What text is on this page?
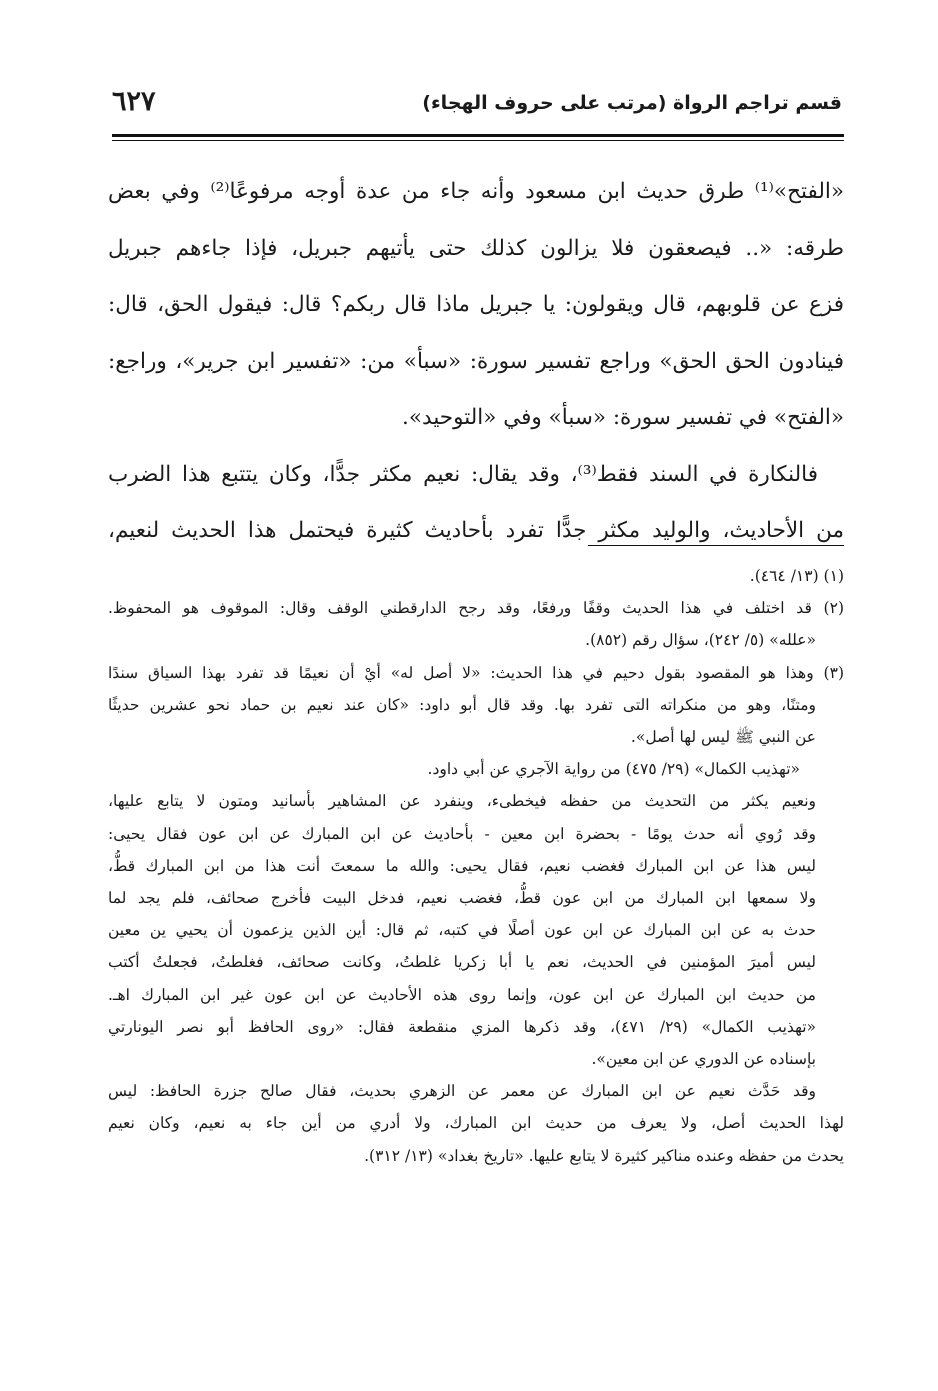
قسم تراجم الرواة (مرتب على حروف الهجاء)
٦٢٧

«الفتح»⁽¹⁾ طرق حديث ابن مسعود وأنه جاء من عدة أوجه مرفوعًا⁽²⁾ وفي بعض
طرقه: «.. فيصعقون فلا يزالون كذلك حتى يأتيهم جبريل، فإذا جاءهم جبريل
فزع عن قلوبهم، قال ويقولون: يا جبريل ماذا قال ربكم؟ قال: فيقول الحق، قال:
فينادون الحق الحق» وراجع تفسير سورة: «سبأ» من: «تفسير ابن جرير»، وراجع:
«الفتح» في تفسير سورة: «سبأ» وفي «التوحيد».

فالنكارة في السند فقط⁽³⁾، وقد يقال: نعيم مكثر جدًّا، وكان يتتبع هذا الضرب
من الأحاديث، والوليد مكثر جدًّا تفرد بأحاديث كثيرة فيحتمل هذا الحديث لنعيم،

(١) (١٣/ ٤٦٤).
(٢) قد اختلف في هذا الحديث وقفًا ورفعًا، وقد رجح الدارقطني الوقف وقال: الموقوف هو المحفوظ.
«علله» (٥/ ٢٤٢)، سؤال رقم (٨٥٢).
(٣) وهذا هو المقصود بقول دحيم في هذا الحديث: «لا أصل له» أيْ أن نعيمًا قد تفرد بهذا السياق سندًا
ومتنًا، وهو من منكراته التى تفرد بها. وقد قال أبو داود: «كان عند نعيم بن حماد نحو عشرين حديثًا
عن النبي ﷺ ليس لها أصل».
«تهذيب الكمال» (٢٩/ ٤٧٥) من رواية الآجري عن أبي داود.
ونعيم يكثر من التحديث من حفظه فيخطىء، وينفرد عن المشاهير بأسانيد ومتون لا يتابع عليها،
وقد رُوي أنه حدث يومًا - بحضرة ابن معين - بأحاديث عن ابن المبارك عن ابن عون فقال يحيى:
ليس هذا عن ابن المبارك فغضب نعيم، فقال يحيى: والله ما سمعتَ أنت هذا من ابن المبارك قطُّ،
ولا سمعها ابن المبارك من ابن عون قطُّ، فغضب نعيم، فدخل البيت فأخرج صحائف، فلم يجد لما
حدث به عن ابن المبارك عن ابن عون أصلًا في كتبه، ثم قال: أين الذين يزعمون أن يحيي ين معين
ليس أميرَ المؤمنين في الحديث، نعم يا أبا زكريا غلطتُ، وكانت صحائف، فغلطتُ، فجعلتُ أكتب
من حديث ابن المبارك عن ابن عون، وإنما روى هذه الأحاديث عن ابن عون غير ابن المبارك اهـ.
«تهذيب الكمال» (٢٩/ ٤٧١)، وقد ذكرها المزي منقطعة فقال: «روى الحافظ أبو نصر اليونارتي
بإسناده عن الدوري عن ابن معين».
وقد حَدَّث نعيم عن ابن المبارك عن معمر عن الزهري بحديث، فقال صالح جزرة الحافظ: ليس
لهذا الحديث أصل، ولا يعرف من حديث ابن المبارك، ولا أدري من أين جاء به نعيم، وكان نعيم
يحدث من حفظه وعنده مناكير كثيرة لا يتابع عليها. «تاريخ بغداد» (١٣/ ٣١٢).
